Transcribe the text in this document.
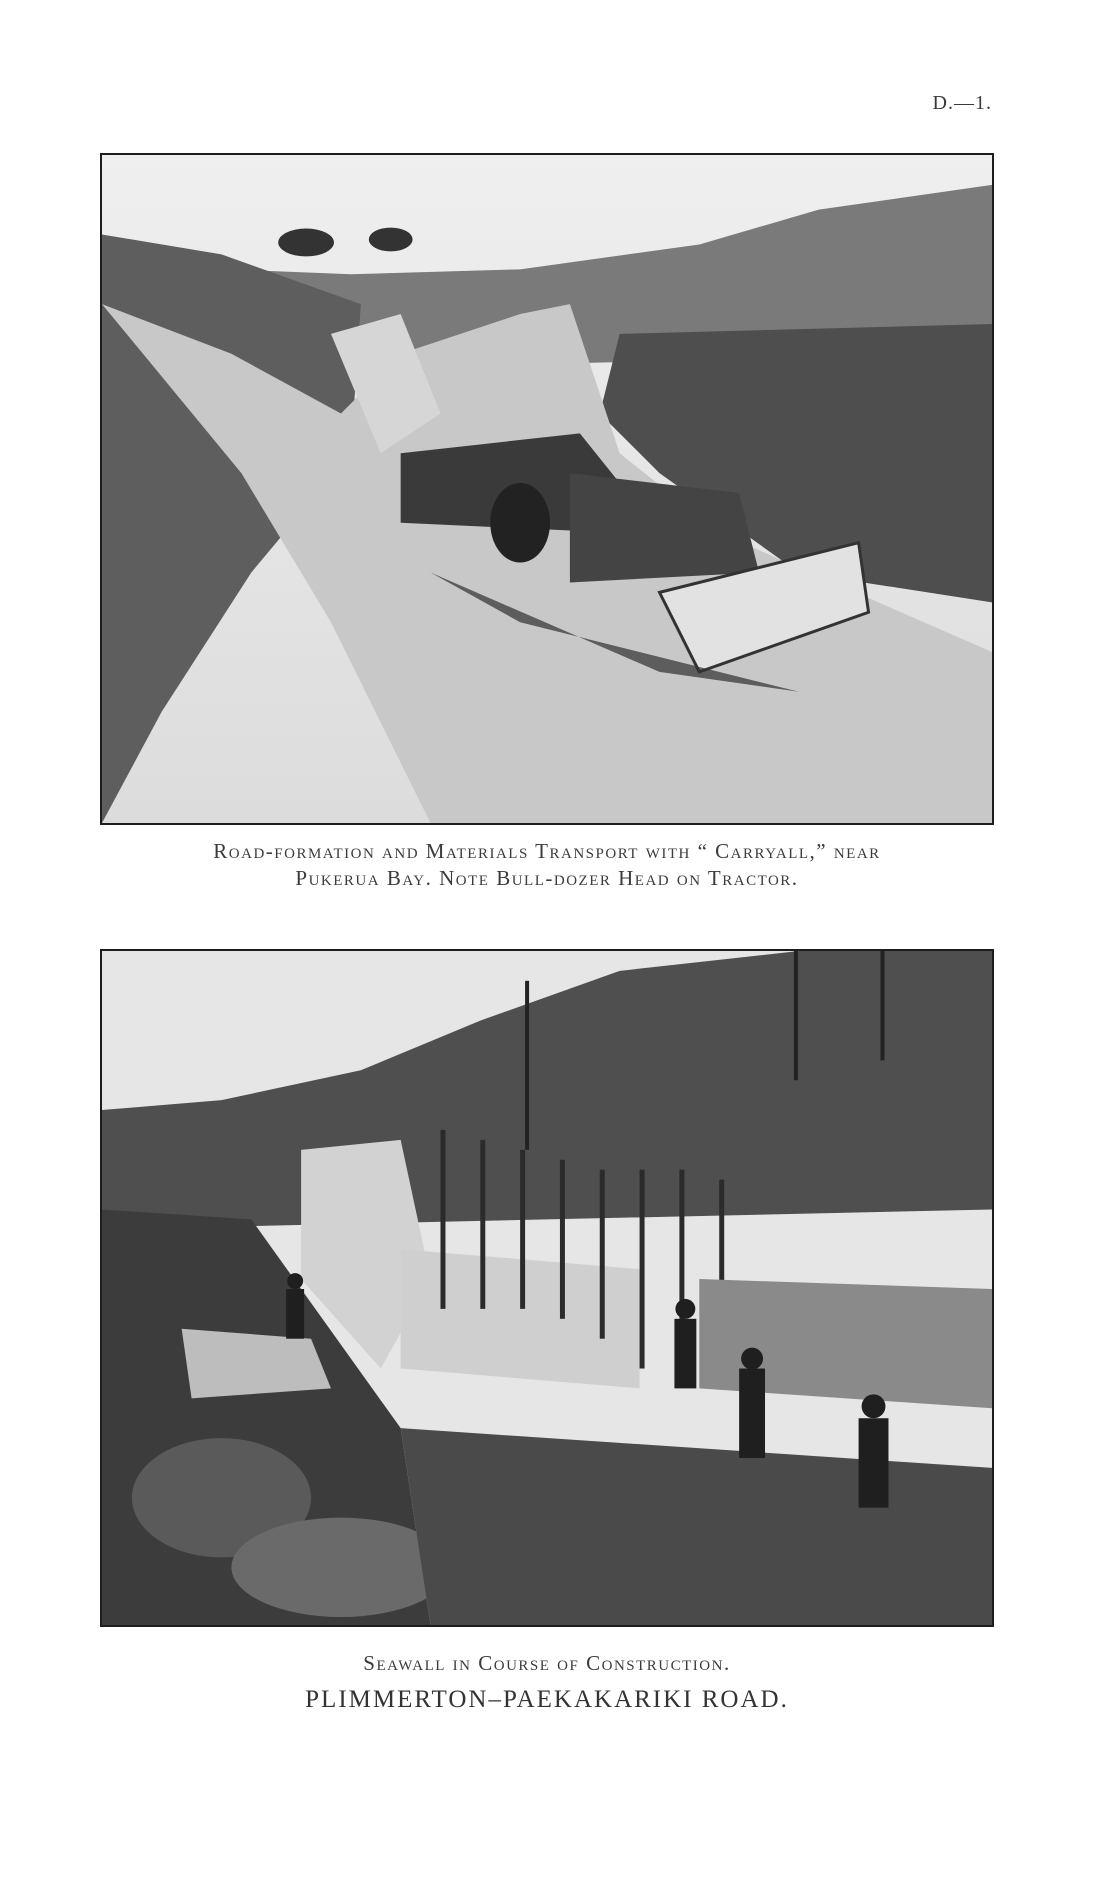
D.—1.
Road-formation and Materials Transport with “ Carryall,” near
Pukerua Bay. Note Bull-dozer Head on Tractor.
Seawall in Course of Construction.
PLIMMERTON–PAEKAKARIKI ROAD.
